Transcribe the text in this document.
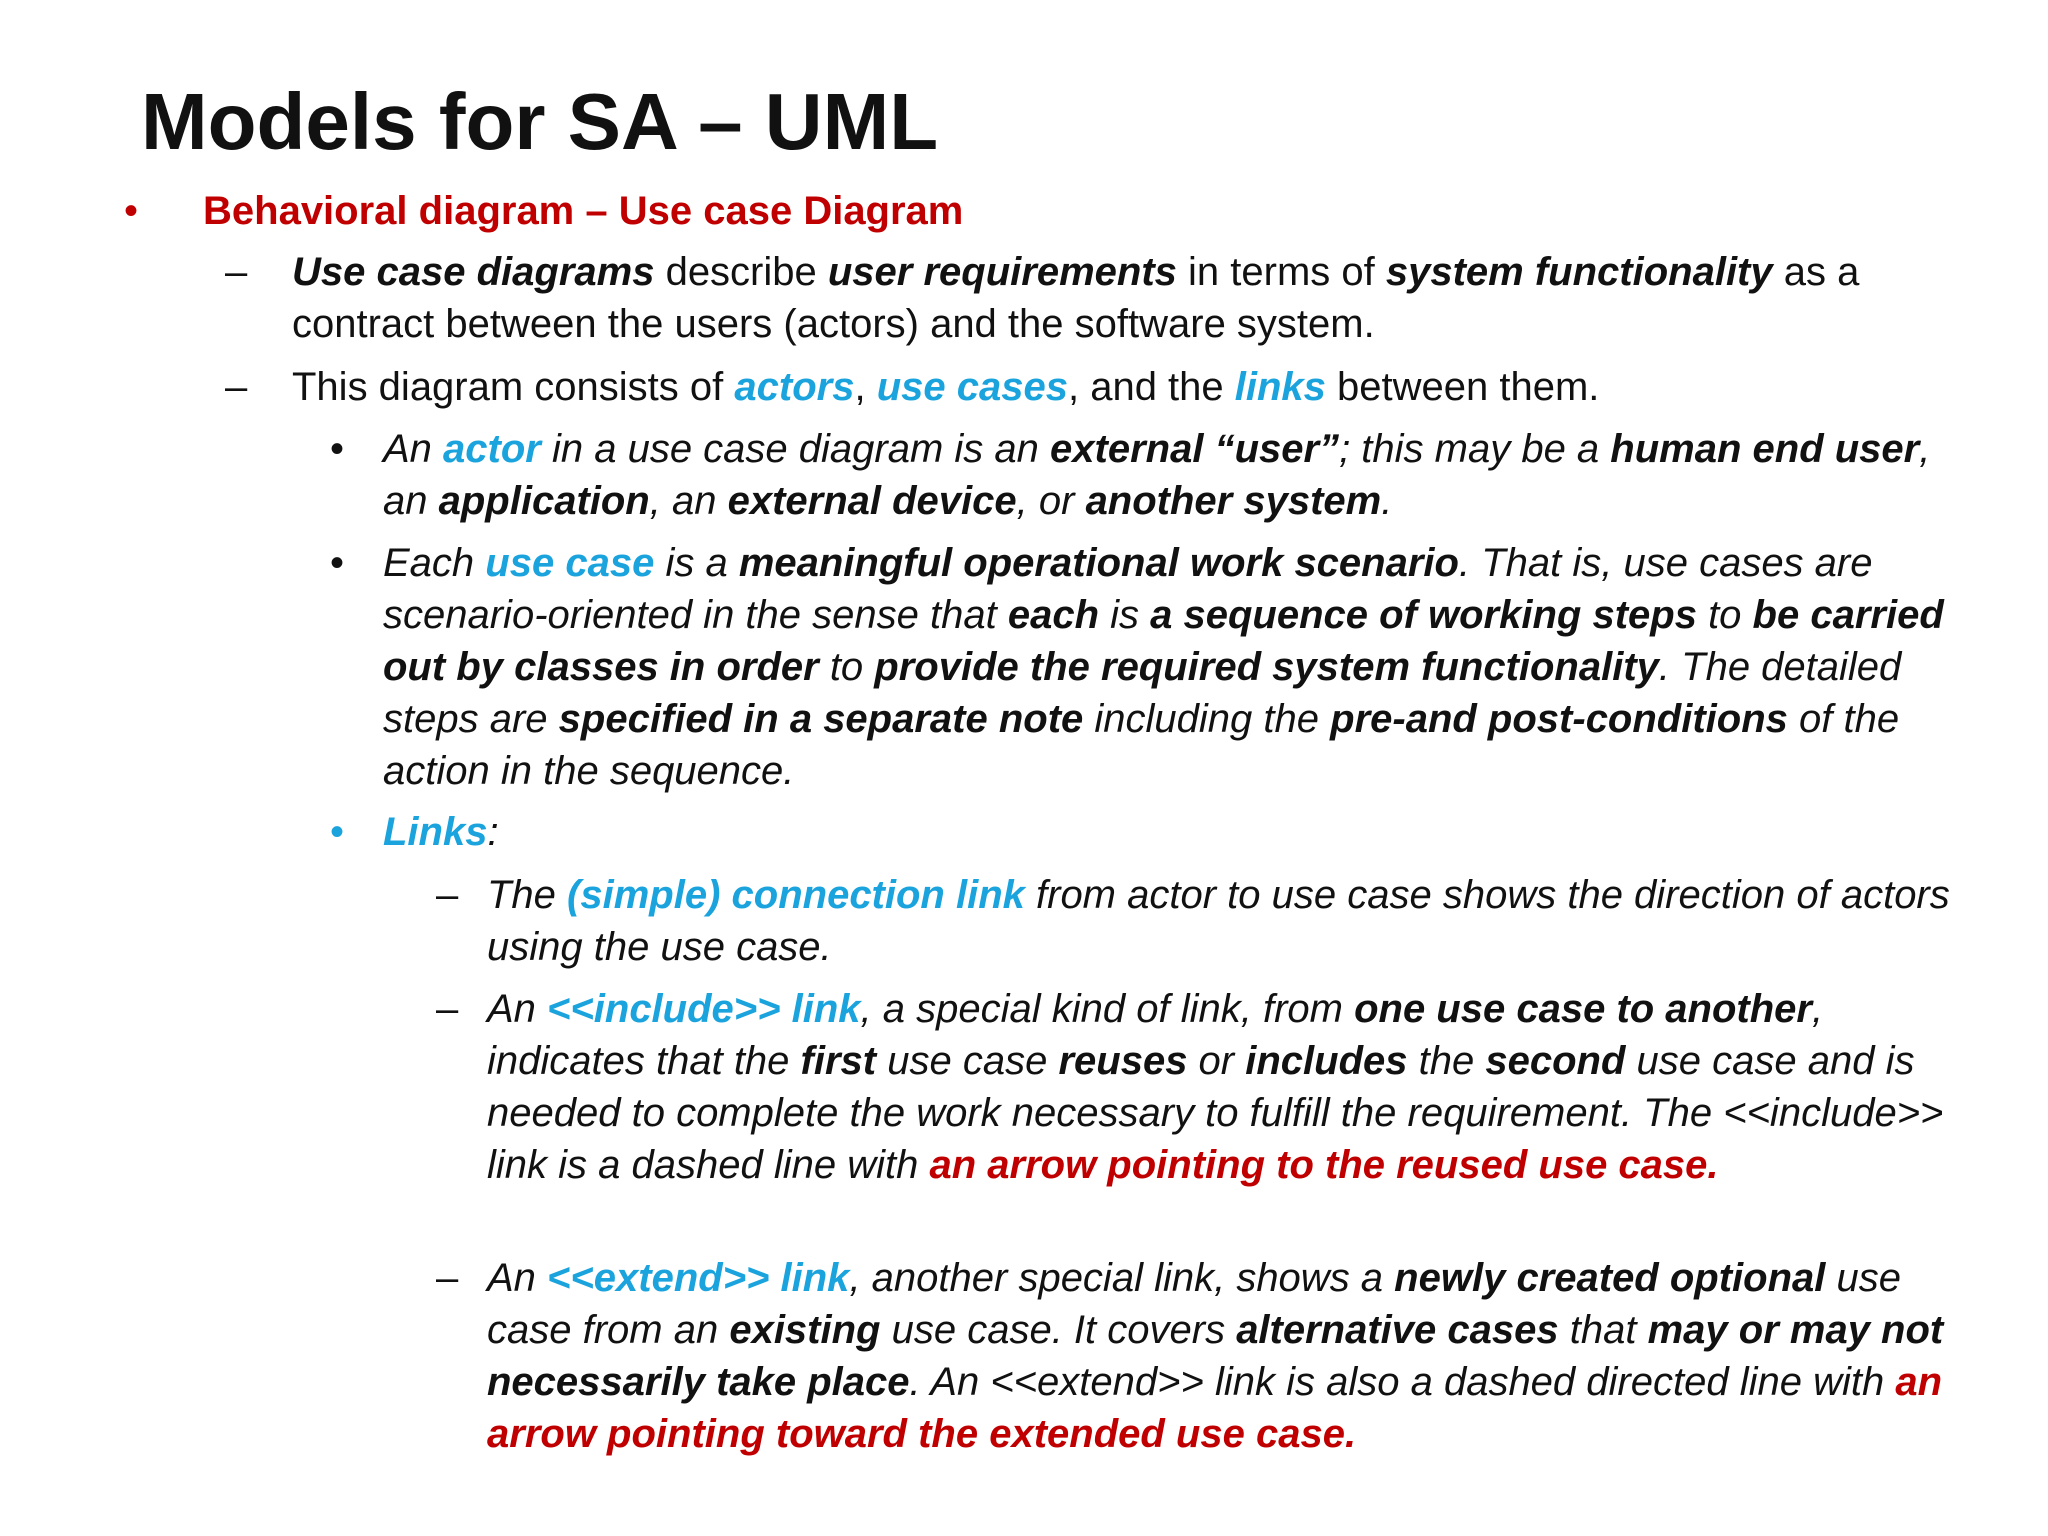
Models for SA – UML
• Behavioral diagram – Use case Diagram
– Use case diagrams describe user requirements in terms of system functionality as a contract between the users (actors) and the software system.
– This diagram consists of actors, use cases, and the links between them.
• An actor in a use case diagram is an external “user”; this may be a human end user, an application, an external device, or another system.
• Each use case is a meaningful operational work scenario. That is, use cases are scenario-oriented in the sense that each is a sequence of working steps to be carried out by classes in order to provide the required system functionality. The detailed steps are specified in a separate note including the pre-and post-conditions of the action in the sequence.
• Links:
– The (simple) connection link from actor to use case shows the direction of actors using the use case.
– An <<include>> link, a special kind of link, from one use case to another, indicates that the first use case reuses or includes the second use case and is needed to complete the work necessary to fulfill the requirement. The <<include>> link is a dashed line with an arrow pointing to the reused use case.
– An <<extend>> link, another special link, shows a newly created optional use case from an existing use case. It covers alternative cases that may or may not necessarily take place. An <<extend>> link is also a dashed directed line with an arrow pointing toward the extended use case.
